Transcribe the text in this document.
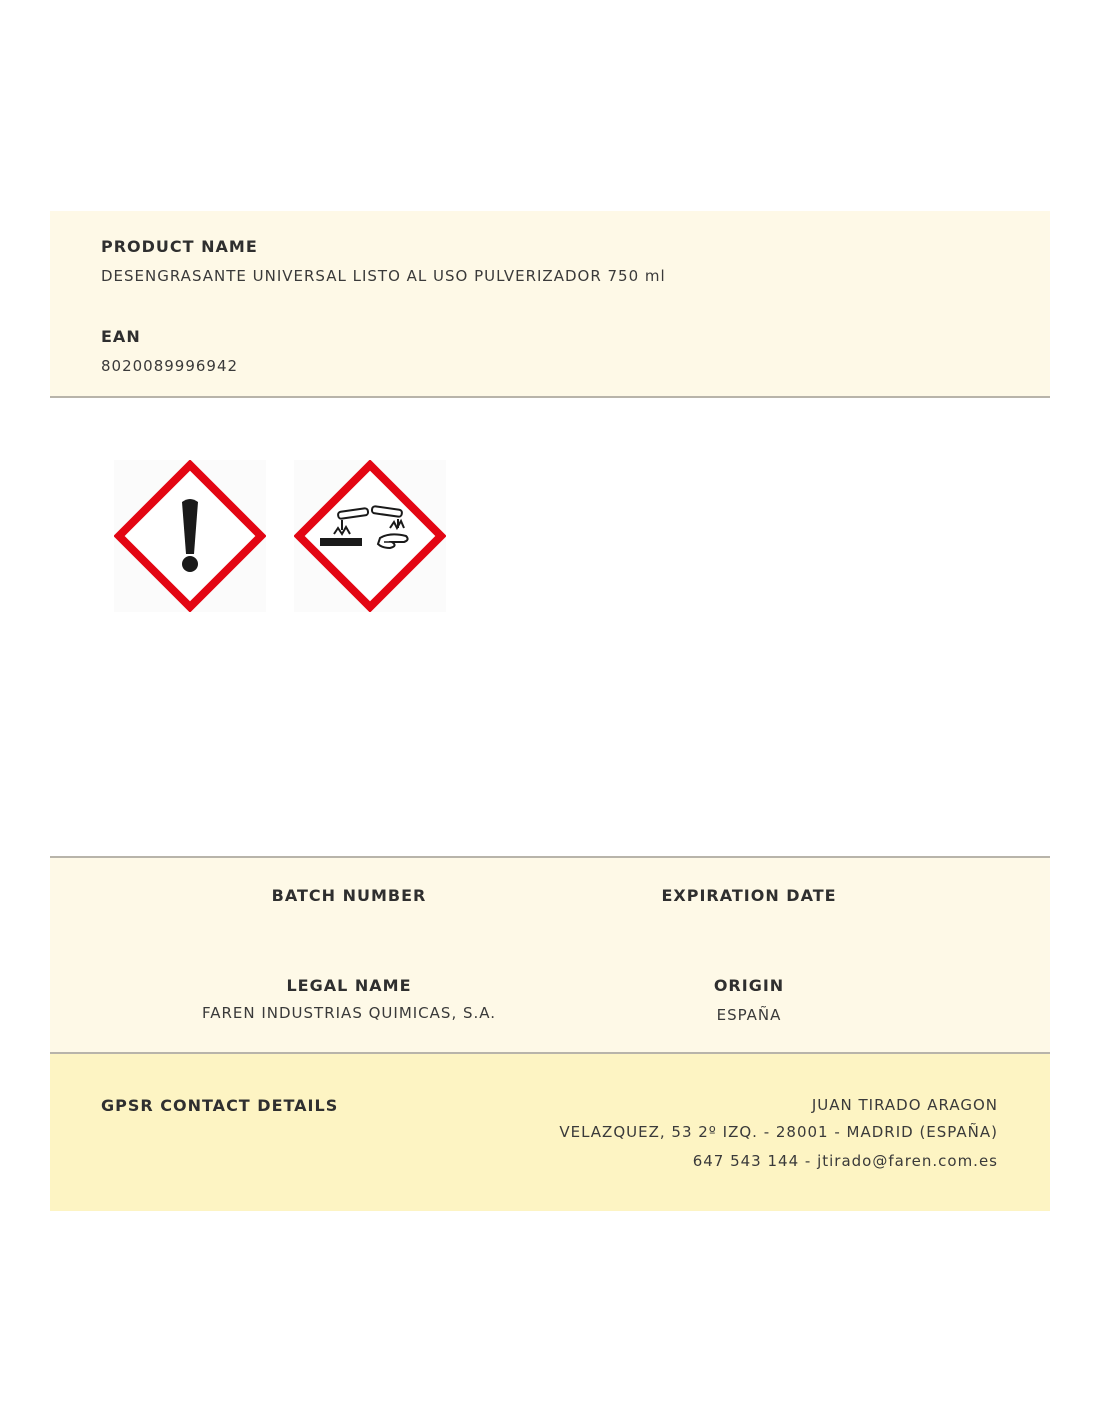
PRODUCT NAME
DESENGRASANTE UNIVERSAL LISTO AL USO PULVERIZADOR 750 ml
EAN
8020089996942
BATCH NUMBER	EXPIRATION DATE
LEGAL NAME
FAREN INDUSTRIAS QUIMICAS, S.A.
ORIGIN
ESPAÑA
GPSR CONTACT DETAILS	JUAN TIRADO ARAGON
VELAZQUEZ, 53 2º IZQ. - 28001 - MADRID (ESPAÑA)
647 543 144 - jtirado@faren.com.es
